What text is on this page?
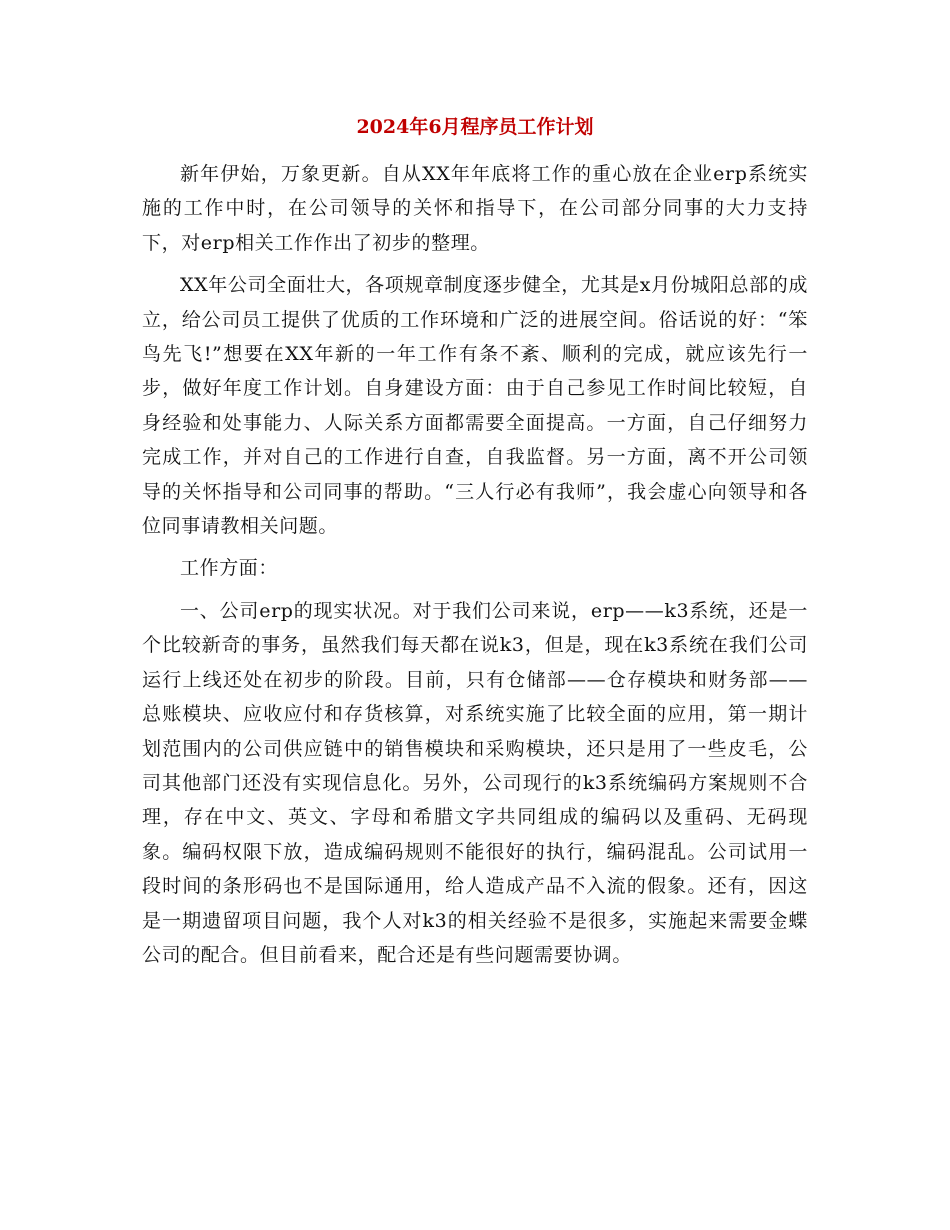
2024年6月程序员工作计划

新年伊始，万象更新。自从XX年年底将工作的重心放在企业erp系统实施的工作中时，在公司领导的关怀和指导下，在公司部分同事的大力支持下，对erp相关工作作出了初步的整理。

XX年公司全面壮大，各项规章制度逐步健全，尤其是x月份城阳总部的成立，给公司员工提供了优质的工作环境和广泛的进展空间。俗话说的好：“笨鸟先飞!”想要在XX年新的一年工作有条不紊、顺利的完成，就应该先行一步，做好年度工作计划。自身建设方面：由于自己参见工作时间比较短，自身经验和处事能力、人际关系方面都需要全面提高。一方面，自己仔细努力完成工作，并对自己的工作进行自查，自我监督。另一方面，离不开公司领导的关怀指导和公司同事的帮助。“三人行必有我师”，我会虚心向领导和各位同事请教相关问题。

工作方面：

一、公司erp的现实状况。对于我们公司来说，erp——k3系统，还是一个比较新奇的事务，虽然我们每天都在说k3，但是，现在k3系统在我们公司运行上线还处在初步的阶段。目前，只有仓储部——仓存模块和财务部——总账模块、应收应付和存货核算，对系统实施了比较全面的应用，第一期计划范围内的公司供应链中的销售模块和采购模块，还只是用了一些皮毛，公司其他部门还没有实现信息化。另外，公司现行的k3系统编码方案规则不合理，存在中文、英文、字母和希腊文字共同组成的编码以及重码、无码现象。编码权限下放，造成编码规则不能很好的执行，编码混乱。公司试用一段时间的条形码也不是国际通用，给人造成产品不入流的假象。还有，因这是一期遗留项目问题，我个人对k3的相关经验不是很多，实施起来需要金蝶公司的配合。但目前看来，配合还是有些问题需要协调。
